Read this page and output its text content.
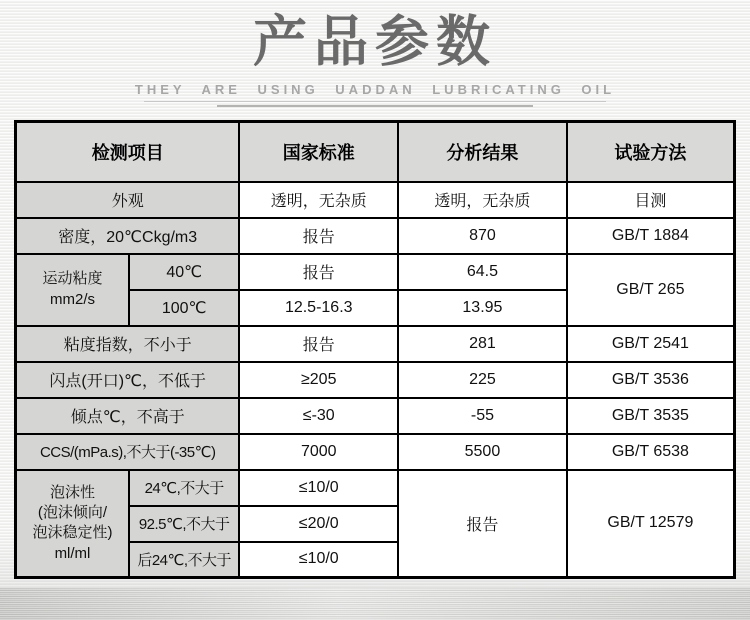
产品参数
THEY ARE USING UADDAN LUBRICATING OIL
检测项目		国家标准	分析结果	试验方法
外观		透明，无杂质	透明，无杂质	目测
密度，20℃Ckg/m3		报告	870	GB/T 1884
运动粘度
mm2/s	40℃	报告	64.5	GB/T 265
	100℃	12.5-16.3	13.95	
粘度指数，不小于		报告	281	GB/T 2541
闪点(开口)℃，不低于		≥205	225	GB/T 3536
倾点℃，不高于		≤-30	-55	GB/T 3535
CCS/(mPa.s),不大于(-35℃)		7000	5500	GB/T 6538
泡沫性
(泡沫倾向/
泡沫稳定性)
ml/ml	24℃,不大于	≤10/0	报告	GB/T 12579
	92.5℃,不大于	≤20/0		
	后24℃,不大于	≤10/0		
